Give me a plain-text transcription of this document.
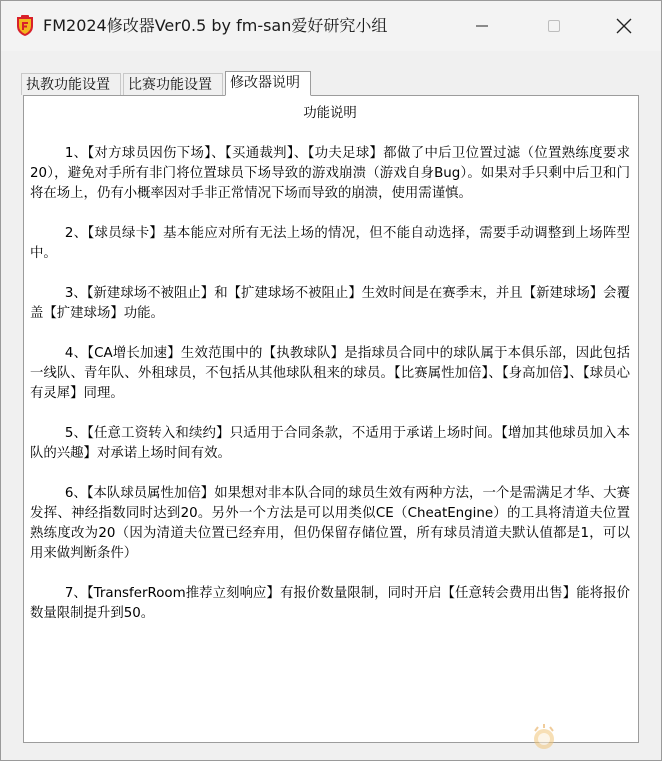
FM2024修改器Ver0.5 by fm-san爱好研究小组
执教功能设置	比赛功能设置	修改器说明
功能说明

1、【对方球员因伤下场】、【买通裁判】、【功夫足球】都做了中后卫位置过滤（位置熟练度要求20），避免对手所有非门将位置球员下场导致的游戏崩溃（游戏自身Bug）。如果对手只剩中后卫和门将在场上，仍有小概率因对手非正常情况下场而导致的崩溃，使用需谨慎。

2、【球员绿卡】基本能应对所有无法上场的情况，但不能自动选择，需要手动调整到上场阵型中。

3、【新建球场不被阻止】和【扩建球场不被阻止】生效时间是在赛季末，并且【新建球场】会覆盖【扩建球场】功能。

4、【CA增长加速】生效范围中的【执教球队】是指球员合同中的球队属于本俱乐部，因此包括一线队、青年队、外租球员，不包括从其他球队租来的球员。【比赛属性加倍】、【身高加倍】、【球员心有灵犀】同理。

5、【任意工资转入和续约】只适用于合同条款，不适用于承诺上场时间。【增加其他球员加入本队的兴趣】对承诺上场时间有效。

6、【本队球员属性加倍】如果想对非本队合同的球员生效有两种方法，一个是需满足才华、大赛发挥、神经指数同时达到20。另外一个方法是可以用类似CE（CheatEngine）的工具将清道夫位置熟练度改为20（因为清道夫位置已经弃用，但仍保留存储位置，所有球员清道夫默认值都是1，可以用来做判断条件）

7、【TransferRoom推荐立刻响应】有报价数量限制，同时开启【任意转会费用出售】能将报价数量限制提升到50。
